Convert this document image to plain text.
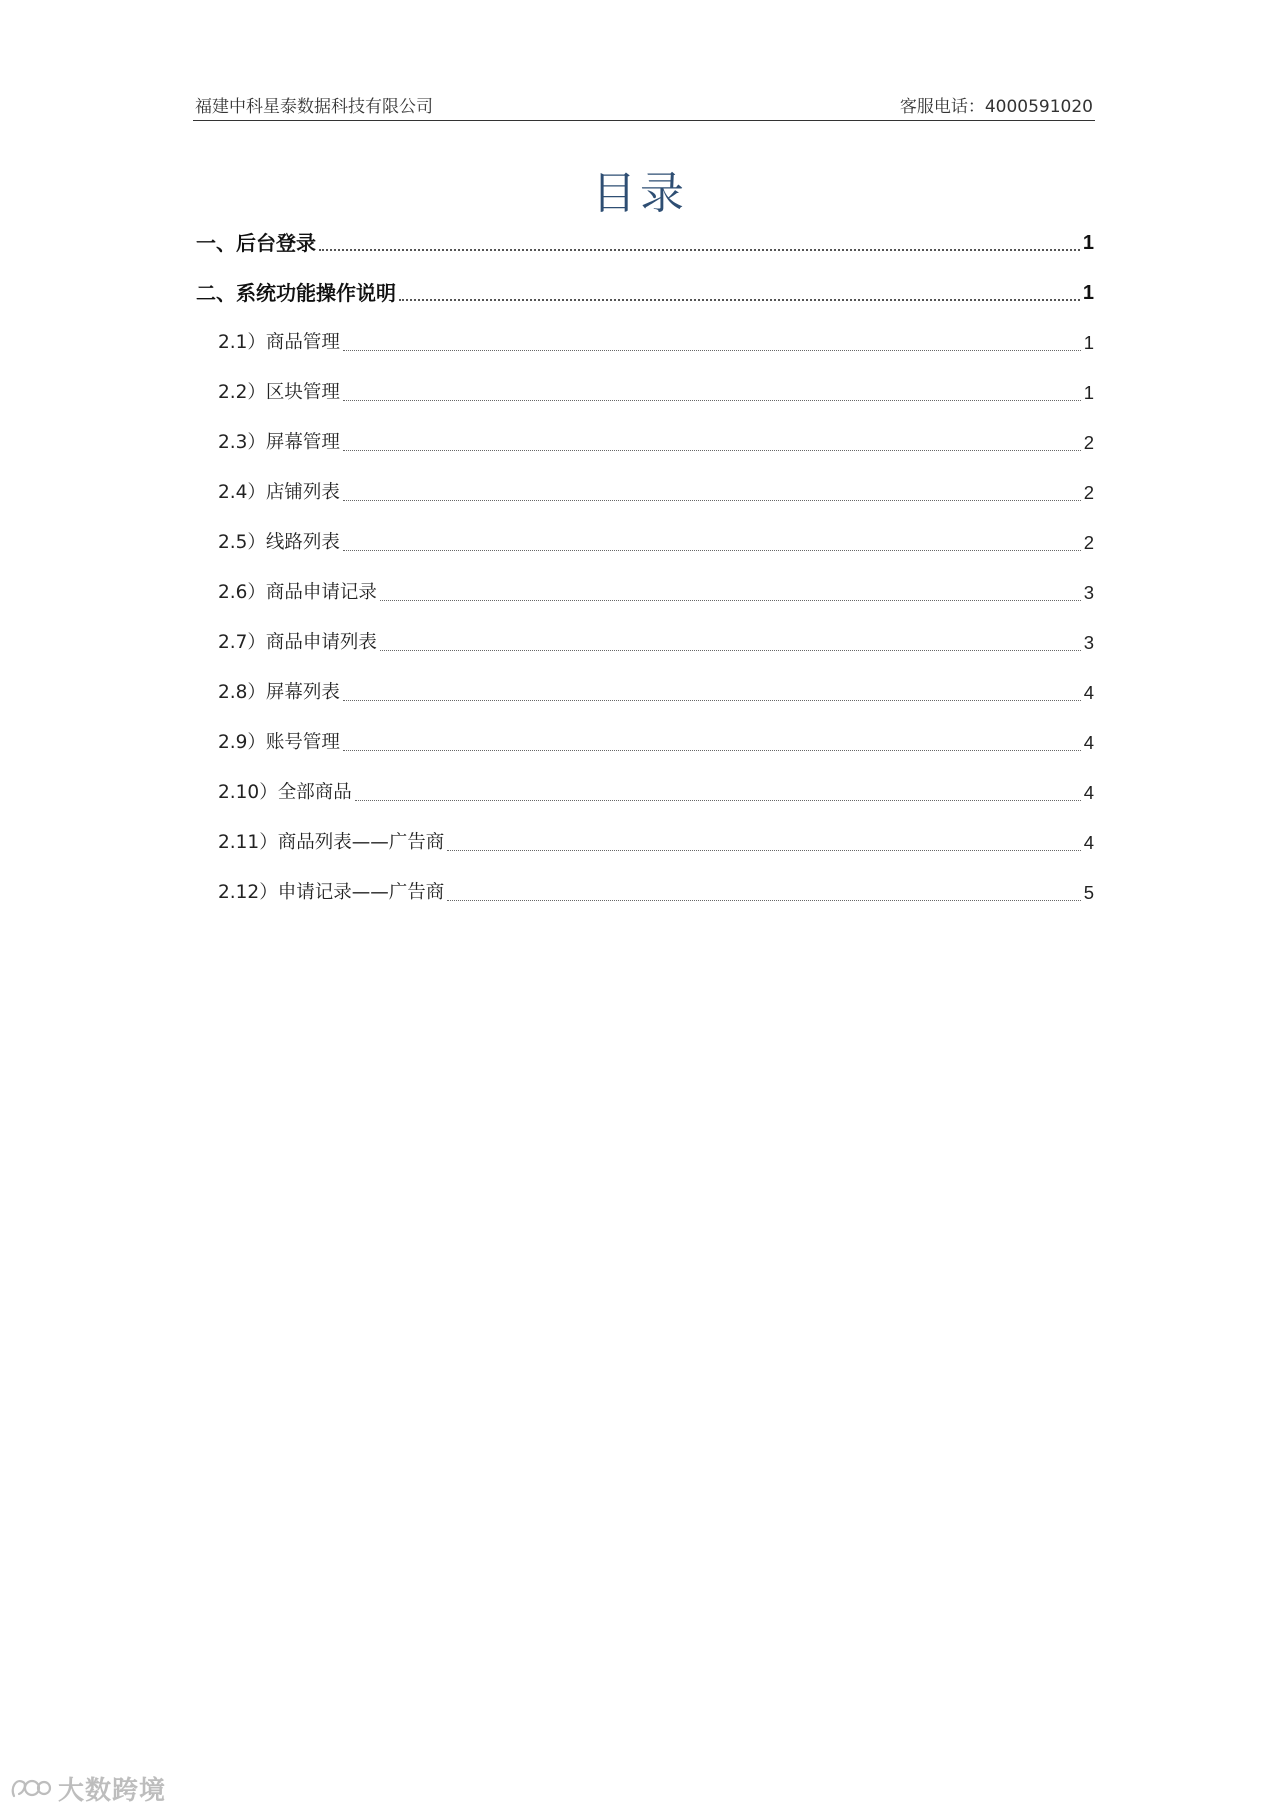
福建中科星泰数据科技有限公司	客服电话：4000591020
目录
一、后台登录	1
二、系统功能操作说明	1
2.1）商品管理	1
2.2）区块管理	1
2.3）屏幕管理	2
2.4）店铺列表	2
2.5）线路列表	2
2.6）商品申请记录	3
2.7）商品申请列表	3
2.8）屏幕列表	4
2.9）账号管理	4
2.10）全部商品	4
2.11）商品列表——广告商	4
2.12）申请记录——广告商	5
大数跨境
